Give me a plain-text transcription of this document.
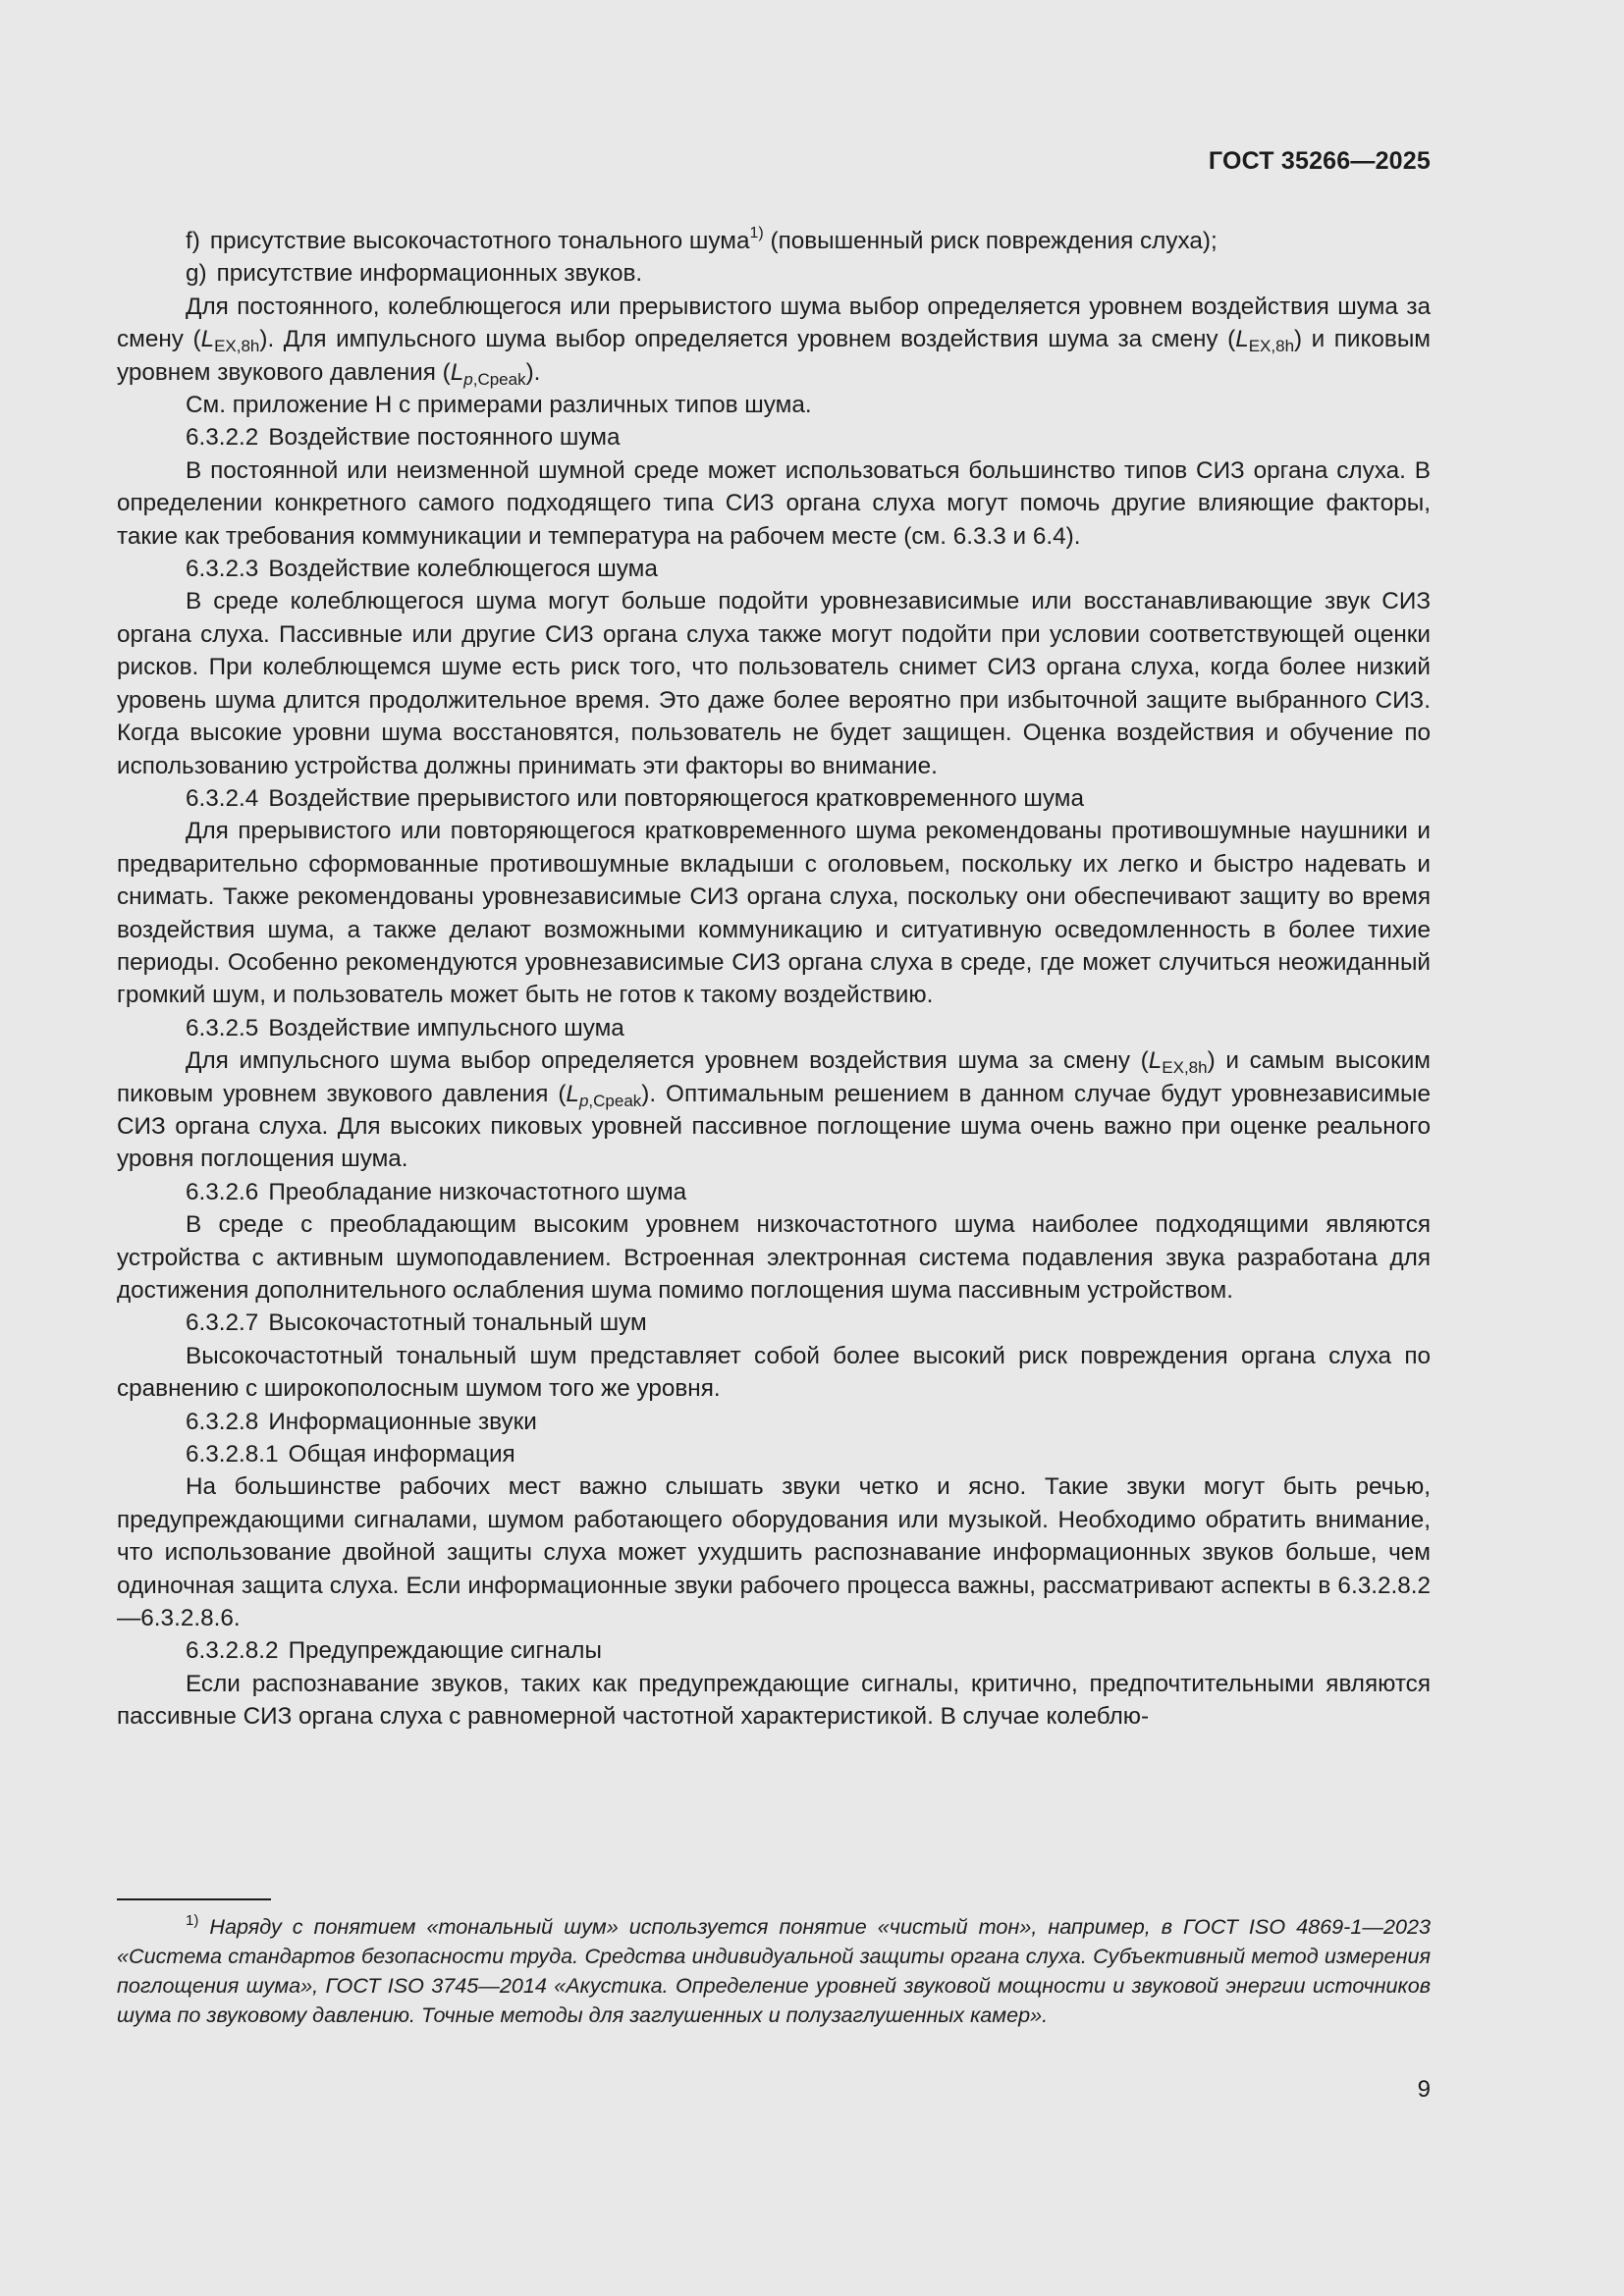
ГОСТ 35266—2025

f) присутствие высокочастотного тонального шума$^{1)}$ (повышенный риск повреждения слуха);

g) присутствие информационных звуков.

Для постоянного, колеблющегося или прерывистого шума выбор определяется уровнем воздействия шума за смену $(L_{EX,8h})$. Для импульсного шума выбор определяется уровнем воздействия шума за смену $(L_{EX,8h})$ и пиковым уровнем звукового давления $(L_{p,Cpeak})$.

См. приложение Н с примерами различных типов шума.

6.3.2.2 Воздействие постоянного шума

В постоянной или неизменной шумной среде может использоваться большинство типов СИЗ органа слуха. В определении конкретного самого подходящего типа СИЗ органа слуха могут помочь другие влияющие факторы, такие как требования коммуникации и температура на рабочем месте (см. 6.3.3 и 6.4).

6.3.2.3 Воздействие колеблющегося шума

В среде колеблющегося шума могут больше подойти уровнезависимые или восстанавливающие звук СИЗ органа слуха. Пассивные или другие СИЗ органа слуха также могут подойти при условии соответствующей оценки рисков. При колеблющемся шуме есть риск того, что пользователь снимет СИЗ органа слуха, когда более низкий уровень шума длится продолжительное время. Это даже более вероятно при избыточной защите выбранного СИЗ. Когда высокие уровни шума восстановятся, пользователь не будет защищен. Оценка воздействия и обучение по использованию устройства должны принимать эти факторы во внимание.

6.3.2.4 Воздействие прерывистого или повторяющегося кратковременного шума

Для прерывистого или повторяющегося кратковременного шума рекомендованы противошумные наушники и предварительно сформованные противошумные вкладыши с оголовьем, поскольку их легко и быстро надевать и снимать. Также рекомендованы уровнезависимые СИЗ органа слуха, поскольку они обеспечивают защиту во время воздействия шума, а также делают возможными коммуникацию и ситуативную осведомленность в более тихие периоды. Особенно рекомендуются уровнезависимые СИЗ органа слуха в среде, где может случиться неожиданный громкий шум, и пользователь может быть не готов к такому воздействию.

6.3.2.5 Воздействие импульсного шума

Для импульсного шума выбор определяется уровнем воздействия шума за смену $(L_{EX,8h})$ и самым высоким пиковым уровнем звукового давления $(L_{p,Cpeak})$. Оптимальным решением в данном случае будут уровнезависимые СИЗ органа слуха. Для высоких пиковых уровней пассивное поглощение шума очень важно при оценке реального уровня поглощения шума.

6.3.2.6 Преобладание низкочастотного шума

В среде с преобладающим высоким уровнем низкочастотного шума наиболее подходящими являются устройства с активным шумоподавлением. Встроенная электронная система подавления звука разработана для достижения дополнительного ослабления шума помимо поглощения шума пассивным устройством.

6.3.2.7 Высокочастотный тональный шум

Высокочастотный тональный шум представляет собой более высокий риск повреждения органа слуха по сравнению с широкополосным шумом того же уровня.

6.3.2.8 Информационные звуки

6.3.2.8.1 Общая информация

На большинстве рабочих мест важно слышать звуки четко и ясно. Такие звуки могут быть речью, предупреждающими сигналами, шумом работающего оборудования или музыкой. Необходимо обратить внимание, что использование двойной защиты слуха может ухудшить распознавание информационных звуков больше, чем одиночная защита слуха. Если информационные звуки рабочего процесса важны, рассматривают аспекты в 6.3.2.8.2—6.3.2.8.6.

6.3.2.8.2 Предупреждающие сигналы

Если распознавание звуков, таких как предупреждающие сигналы, критично, предпочтительными являются пассивные СИЗ органа слуха с равномерной частотной характеристикой. В случае колеблю-

$^{1)}$ Наряду с понятием «тональный шум» используется понятие «чистый тон», например, в ГОСТ ISO 4869-1—2023 «Система стандартов безопасности труда. Средства индивидуальной защиты органа слуха. Субъективный метод измерения поглощения шума», ГОСТ ISO 3745—2014 «Акустика. Определение уровней звуковой мощности и звуковой энергии источников шума по звуковому давлению. Точные методы для заглушенных и полузаглушенных камер».

9
